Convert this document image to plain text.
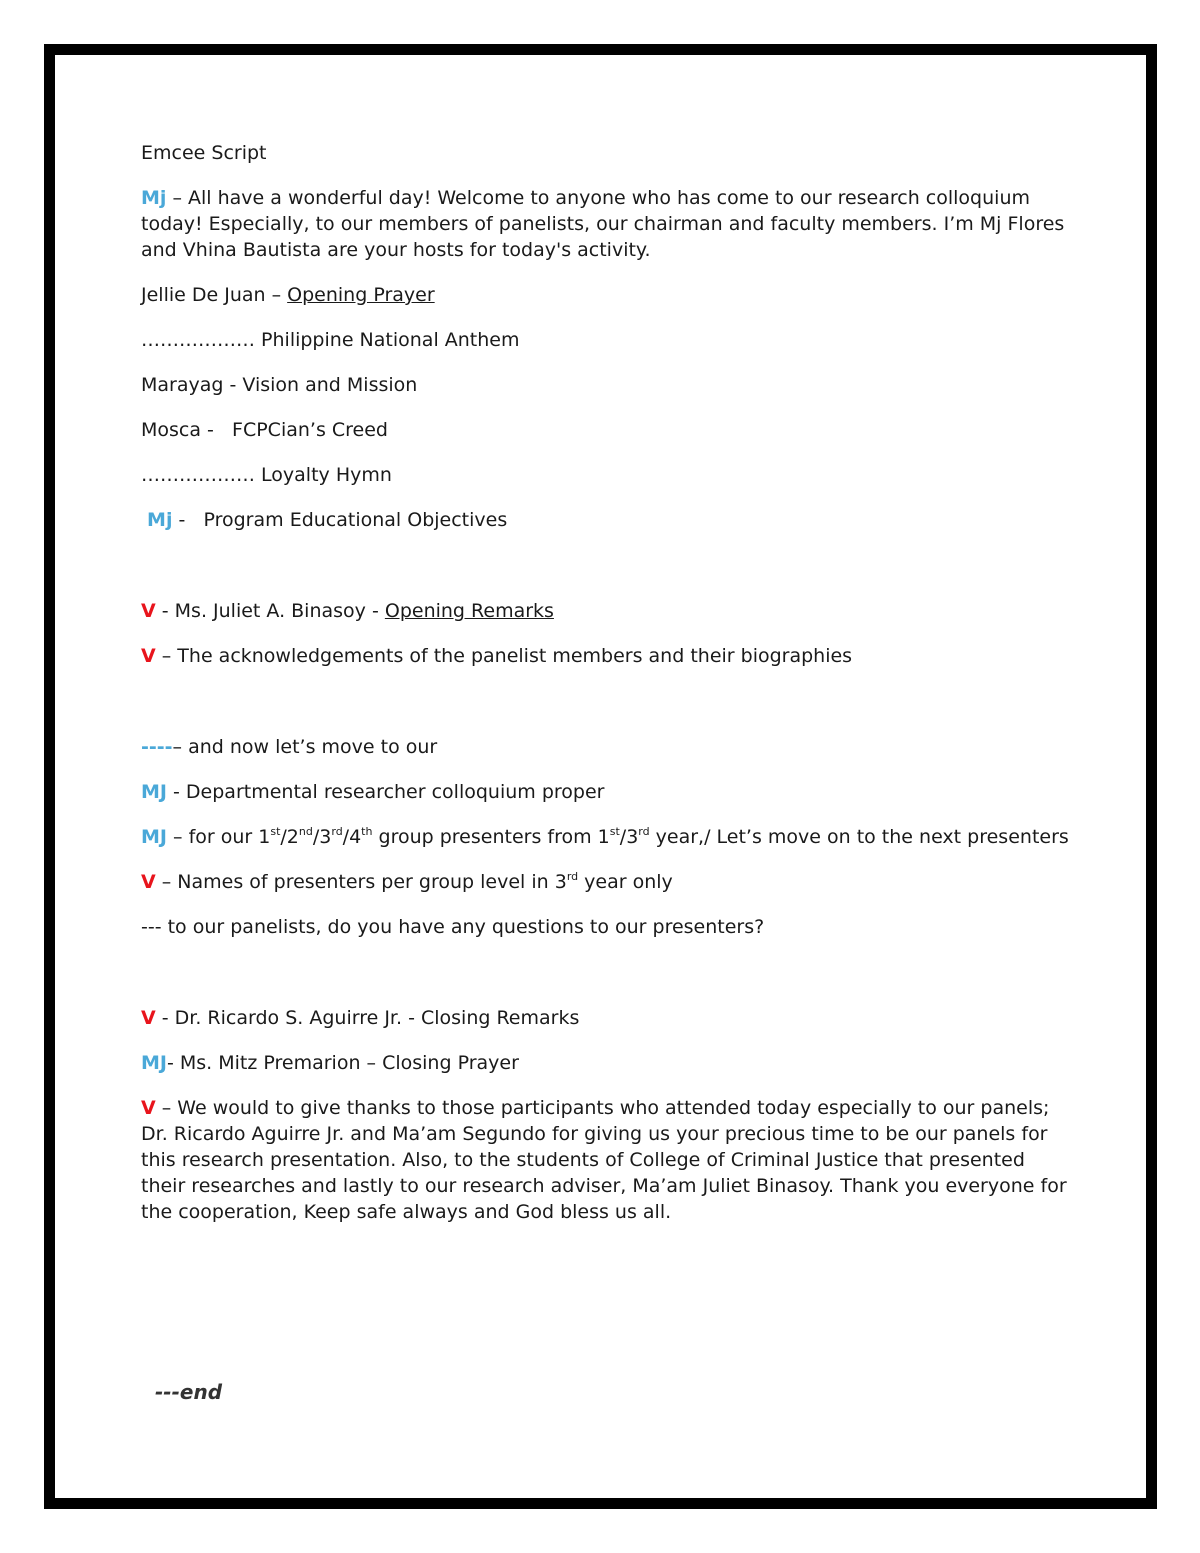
Emcee Script

Mj – All have a wonderful day! Welcome to anyone who has come to our research colloquium today! Especially, to our members of panelists, our chairman and faculty members. I’m Mj Flores and Vhina Bautista are your hosts for today's activity.

Jellie De Juan – Opening Prayer

……………… Philippine National Anthem

Marayag - Vision and Mission

Mosca -   FCPCian’s Creed

……………… Loyalty Hymn

Mj -   Program Educational Objectives

V - Ms. Juliet A. Binasoy - Opening Remarks

V – The acknowledgements of the panelist members and their biographies

----– and now let’s move to our

MJ - Departmental researcher colloquium proper

MJ – for our 1st/2nd/3rd/4th group presenters from 1st/3rd year,/ Let’s move on to the next presenters

V – Names of presenters per group level in 3rd year only

--- to our panelists, do you have any questions to our presenters?

V - Dr. Ricardo S. Aguirre Jr. - Closing Remarks

MJ- Ms. Mitz Premarion – Closing Prayer

V – We would to give thanks to those participants who attended today especially to our panels; Dr. Ricardo Aguirre Jr. and Ma’am Segundo for giving us your precious time to be our panels for this research presentation. Also, to the students of College of Criminal Justice that presented their researches and lastly to our research adviser, Ma’am Juliet Binasoy. Thank you everyone for the cooperation, Keep safe always and God bless us all.

---end
